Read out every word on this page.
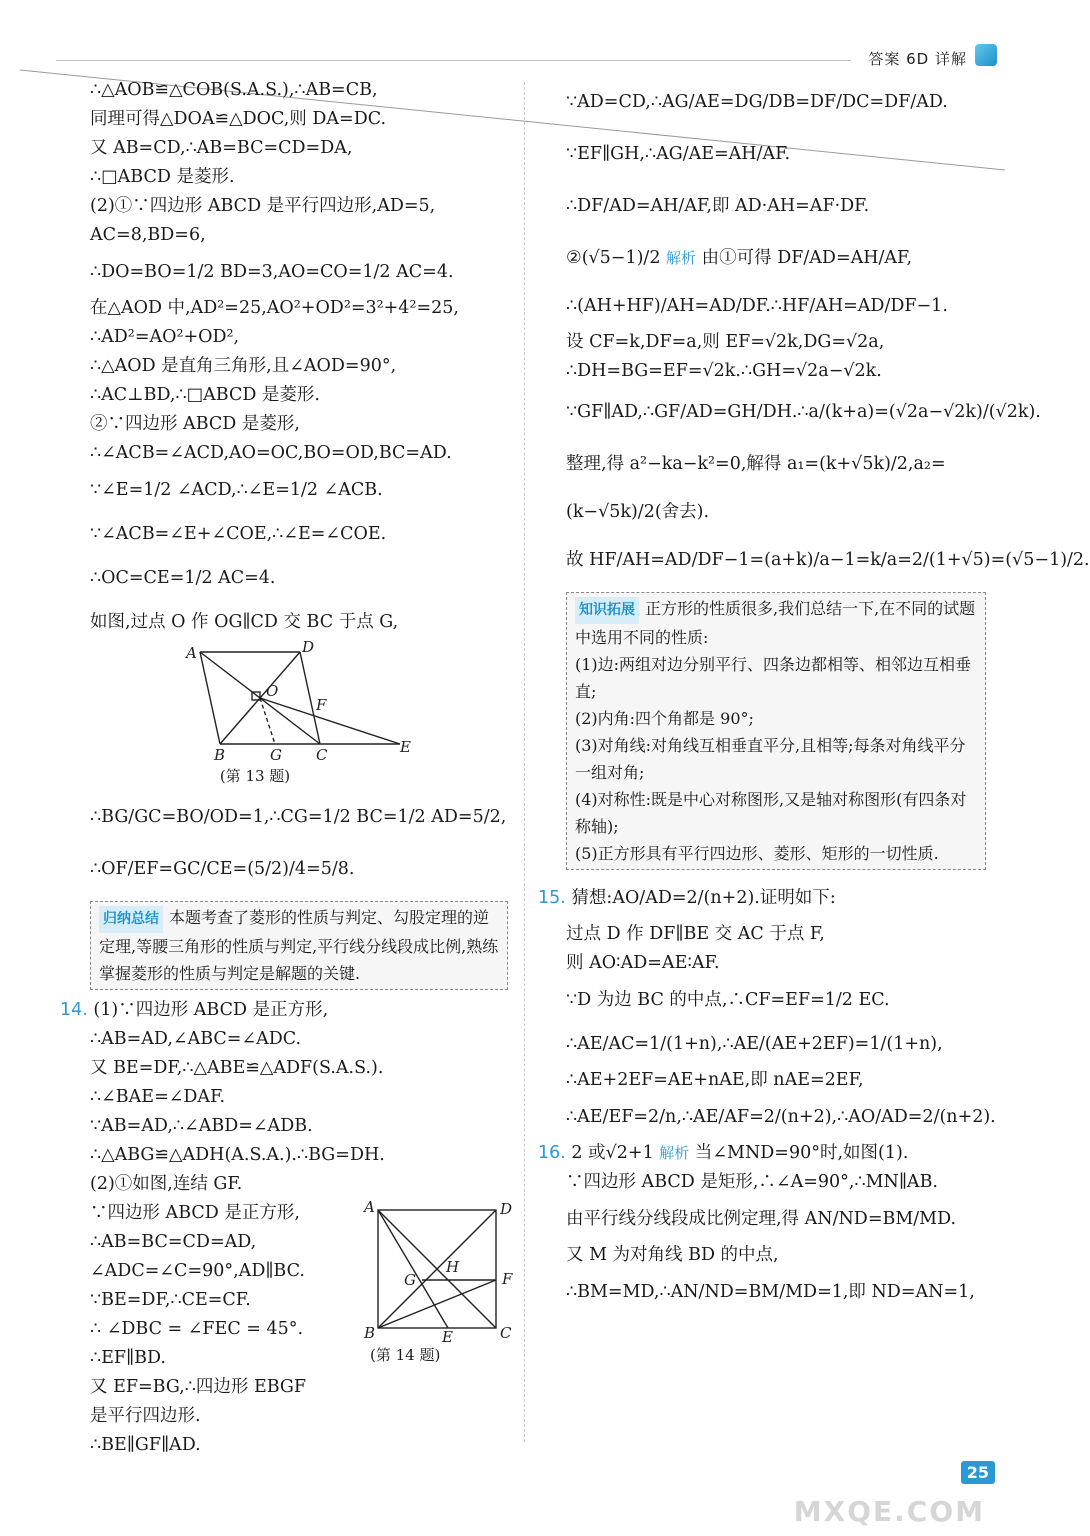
答案 6D 详解
∴△AOB≌△COB(S.A.S.),∴AB=CB,
同理可得△DOA≌△DOC,则 DA=DC.
又 AB=CD,∴AB=BC=CD=DA,
∴□ABCD 是菱形.
(2)①∵四边形 ABCD 是平行四边形,AD=5,
AC=8,BD=6,
∴DO=BO=1/2 BD=3,AO=CO=1/2 AC=4.
在△AOD 中,AD²=25,AO²+OD²=3²+4²=25,
∴AD²=AO²+OD²,
∴△AOD 是直角三角形,且∠AOD=90°,
∴AC⊥BD,∴□ABCD 是菱形.
②∵四边形 ABCD 是菱形,
∴∠ACB=∠ACD,AO=OC,BO=OD,BC=AD.
∵∠E=1/2 ∠ACD,∴∠E=1/2 ∠ACB.
∵∠ACB=∠E+∠COE,∴∠E=∠COE.
∴OC=CE=1/2 AC=4.
如图,过点 O 作 OG∥CD 交 BC 于点 G,
A	D
O
F
B	G C	E
(第 13 题)
∴BG/GC=BO/OD=1,∴CG=1/2 BC=1/2 AD=5/2,
∴OF/EF=GC/CE=(5/2)/4=5/8.
归纳总结 本题考查了菱形的性质与判定、勾股定理的逆定理,等腰三角形的性质与判定,平行线分线段成比例,熟练掌握菱形的性质与判定是解题的关键.
14. (1)∵四边形 ABCD 是正方形,
∴AB=AD,∠ABC=∠ADC.
又 BE=DF,∴△ABE≌△ADF(S.A.S.).
∴∠BAE=∠DAF.
∵AB=AD,∴∠ABD=∠ADB.
∴△ABG≌△ADH(A.S.A.).∴BG=DH.
(2)①如图,连结 GF.
∵四边形 ABCD 是正方形,
∴AB=BC=CD=AD,
∠ADC=∠C=90°,AD∥BC.
∵BE=DF,∴CE=CF.
∴ ∠DBC = ∠FEC = 45°.
∴EF∥BD.
又 EF=BG,∴四边形 EBGF
是平行四边形.
∴BE∥GF∥AD.
A	D
G
H
F
B	E	C
(第 14 题)
∵AD=CD,∴AG/AE=DG/DB=DF/DC=DF/AD.
∵EF∥GH,∴AG/AE=AH/AF.
∴DF/AD=AH/AF,即 AD·AH=AF·DF.
②(√5−1)/2 解析 由①可得 DF/AD=AH/AF,
∴(AH+HF)/AH=AD/DF.∴HF/AH=AD/DF−1.
设 CF=k,DF=a,则 EF=√2k,DG=√2a,
∴DH=BG=EF=√2k.∴GH=√2a−√2k.
∵GF∥AD,∴GF/AD=GH/DH.∴a/(k+a)=(√2a−√2k)/(√2k).
整理,得 a²−ka−k²=0,解得 a₁=(k+√5k)/2,a₂=
(k−√5k)/2(舍去).
故 HF/AH=AD/DF−1=(a+k)/a−1=k/a=2/(1+√5)=(√5−1)/2.
知识拓展 正方形的性质很多,我们总结一下,在不同的试题中选用不同的性质:
(1)边:两组对边分别平行、四条边都相等、相邻边互相垂直;
(2)内角:四个角都是 90°;
(3)对角线:对角线互相垂直平分,且相等;每条对角线平分一组对角;
(4)对称性:既是中心对称图形,又是轴对称图形(有四条对称轴);
(5)正方形具有平行四边形、菱形、矩形的一切性质.
15. 猜想:AO/AD=2/(n+2).证明如下:
过点 D 作 DF∥BE 交 AC 于点 F,
则 AO∶AD=AE∶AF.
∵D 为边 BC 的中点,∴CF=EF=1/2 EC.
∴AE/AC=1/(1+n),∴AE/(AE+2EF)=1/(1+n),
∴AE+2EF=AE+nAE,即 nAE=2EF,
∴AE/EF=2/n,∴AE/AF=2/(n+2),∴AO/AD=2/(n+2).
16. 2 或√2+1 解析 当∠MND=90°时,如图(1).
∵四边形 ABCD 是矩形,∴∠A=90°,∴MN∥AB.
由平行线分线段成比例定理,得 AN/ND=BM/MD.
又 M 为对角线 BD 的中点,
∴BM=MD,∴AN/ND=BM/MD=1,即 ND=AN=1,
MXQE.COM
25
